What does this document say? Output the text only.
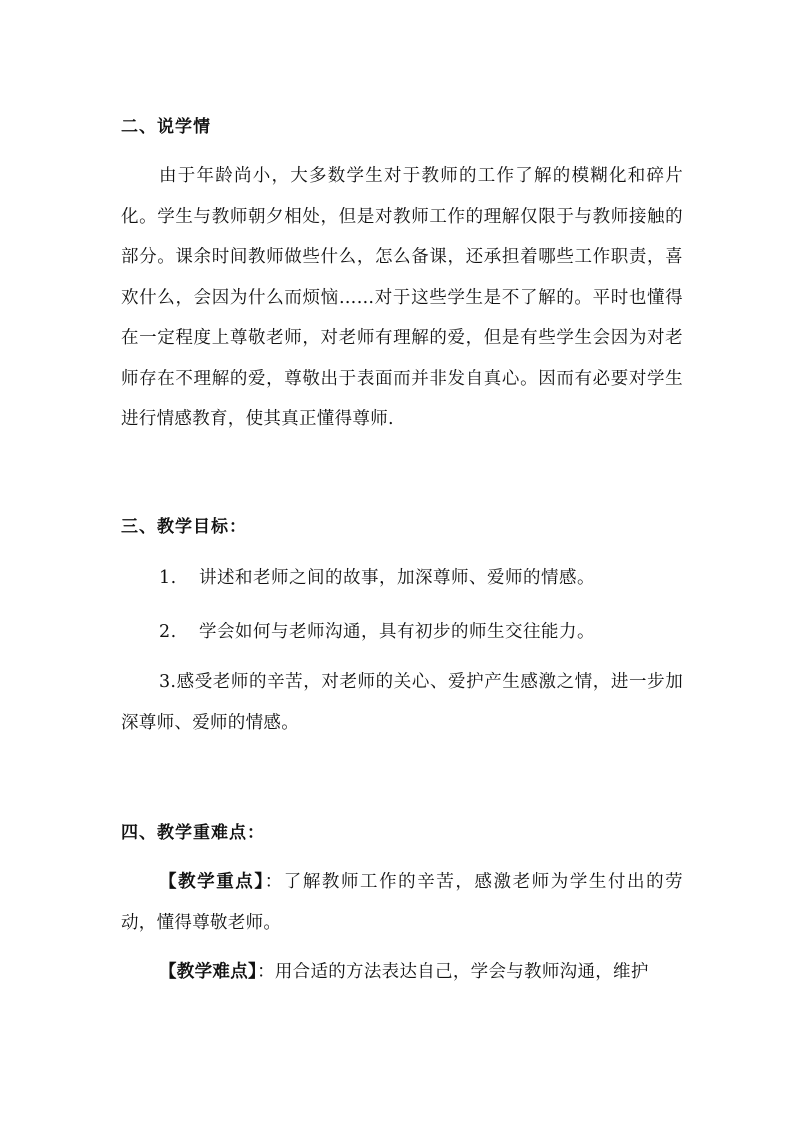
二、说学情

由于年龄尚小，大多数学生对于教师的工作了解的模糊化和碎片化。学生与教师朝夕相处，但是对教师工作的理解仅限于与教师接触的部分。课余时间教师做些什么，怎么备课，还承担着哪些工作职责，喜欢什么，会因为什么而烦恼……对于这些学生是不了解的。平时也懂得在一定程度上尊敬老师，对老师有理解的爱，但是有些学生会因为对老师存在不理解的爱，尊敬出于表面而并非发自真心。因而有必要对学生进行情感教育，使其真正懂得尊师.

三、教学目标：
1. 讲述和老师之间的故事，加深尊师、爱师的情感。
2. 学会如何与老师沟通，具有初步的师生交往能力。

3.感受老师的辛苦，对老师的关心、爱护产生感激之情，进一步加深尊师、爱师的情感。

四、教学重难点：

【教学重点】：了解教师工作的辛苦，感激老师为学生付出的劳动，懂得尊敬老师。

【教学难点】：用合适的方法表达自己，学会与教师沟通，维护
